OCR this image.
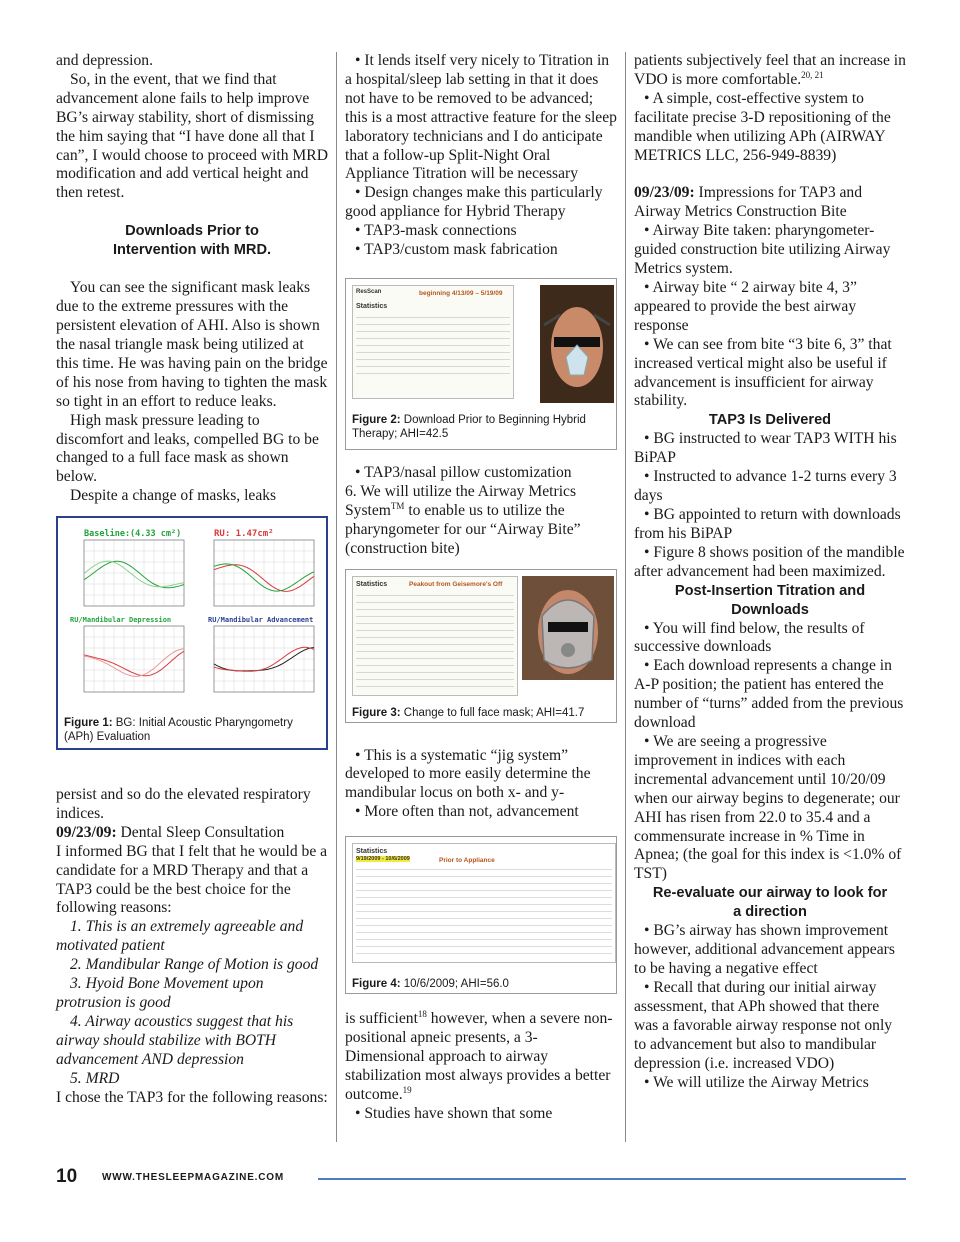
and depression.

So, in the event, that we find that advancement alone fails to help improve BG’s airway stability, short of dismissing the him saying that “I have done all that I can”, I would choose to proceed with MRD modification and add vertical height and then retest.

Downloads Prior to
Intervention with MRD.

You can see the significant mask leaks due to the extreme pressures with the persistent elevation of AHI. Also is shown the nasal triangle mask being utilized at this time. He was having pain on the bridge of his nose from having to tighten the mask so tight in an effort to reduce leaks.

High mask pressure leading to discomfort and leaks, compelled BG to be changed to a full face mask as shown below.

Despite a change of masks, leaks

Baseline:(4.33 cm²)	RU: 1.47cm²
RU/Mandibular Depression	RU/Mandibular Advancement
Figure 1: BG: Initial Acoustic Pharyngometry (APh) Evaluation

persist and so do the elevated respiratory indices.

09/23/09: Dental Sleep Consultation

I informed BG that I felt that he would be a candidate for a MRD Therapy and that a TAP3 could be the best choice for the following reasons:

1. This is an extremely agreeable and motivated patient

2. Mandibular Range of Motion is good

3. Hyoid Bone Movement upon protrusion is good

4. Airway acoustics suggest that his airway should stabilize with BOTH advancement AND depression

5. MRD

I chose the TAP3 for the following reasons:

• It lends itself very nicely to Titration in a hospital/sleep lab setting in that it does not have to be removed to be advanced; this is a most attractive feature for the sleep laboratory technicians and I do anticipate that a follow-up Split-Night Oral Appliance Titration will be necessary

• Design changes make this particularly good appliance for Hybrid Therapy

• TAP3-mask connections

• TAP3/custom mask fabrication

ResScan
Statistics
beginning 4/13/09 – 5/19/09
Figure 2: Download Prior to Beginning Hybrid Therapy; AHI=42.5

• TAP3/nasal pillow customization

6. We will utilize the Airway Metrics System™ to enable us to utilize the pharyngometer for our “Airway Bite” (construction bite)

Statistics	Peakout from Geisemore's Off
Figure 3: Change to full face mask; AHI=41.7

• This is a systematic “jig system” developed to more easily determine the mandibular locus on both x- and y-

• More often than not, advancement

Statistics
9/19/2009 - 10/6/2009	Prior to Appliance
Figure 4: 10/6/2009; AHI=56.0

is sufficient$^{18}$ however, when a severe non-positional apneic presents, a 3-Dimensional approach to airway stabilization most always provides a better outcome.$^{19}$

• Studies have shown that some

patients subjectively feel that an increase in VDO is more comfortable.$^{20, 21}$

• A simple, cost-effective system to facilitate precise 3-D repositioning of the mandible when utilizing APh (AIRWAY METRICS LLC, 256-949-8839)

09/23/09: Impressions for TAP3 and Airway Metrics Construction Bite

• Airway Bite taken: pharyngometer-guided construction bite utilizing Airway Metrics system.

• Airway bite “ 2 airway bite 4, 3” appeared to provide the best airway response

• We can see from bite “3 bite 6, 3” that increased vertical might also be useful if advancement is insufficient for airway stability.

TAP3 Is Delivered

• BG instructed to wear TAP3 WITH his BiPAP

• Instructed to advance 1-2 turns every 3 days

• BG appointed to return with downloads from his BiPAP

• Figure 8 shows position of the mandible after advancement had been maximized.

Post-Insertion Titration and Downloads

• You will find below, the results of successive downloads

• Each download represents a change in A-P position; the patient has entered the number of “turns” added from the previous download

• We are seeing a progressive improvement in indices with each incremental advancement until 10/20/09 when our airway begins to degenerate; our AHI has risen from 22.0 to 35.4 and a commensurate increase in % Time in Apnea; (the goal for this index is <1.0% of TST)

Re-evaluate our airway to look for
a direction

• BG’s airway has shown improvement however, additional advancement appears to be having a negative effect

• Recall that during our initial airway assessment, that APh showed that there was a favorable airway response not only to advancement but also to mandibular depression (i.e. increased VDO)

• We will utilize the Airway Metrics

10 WWW.THESLEEPMAGAZINE.COM
